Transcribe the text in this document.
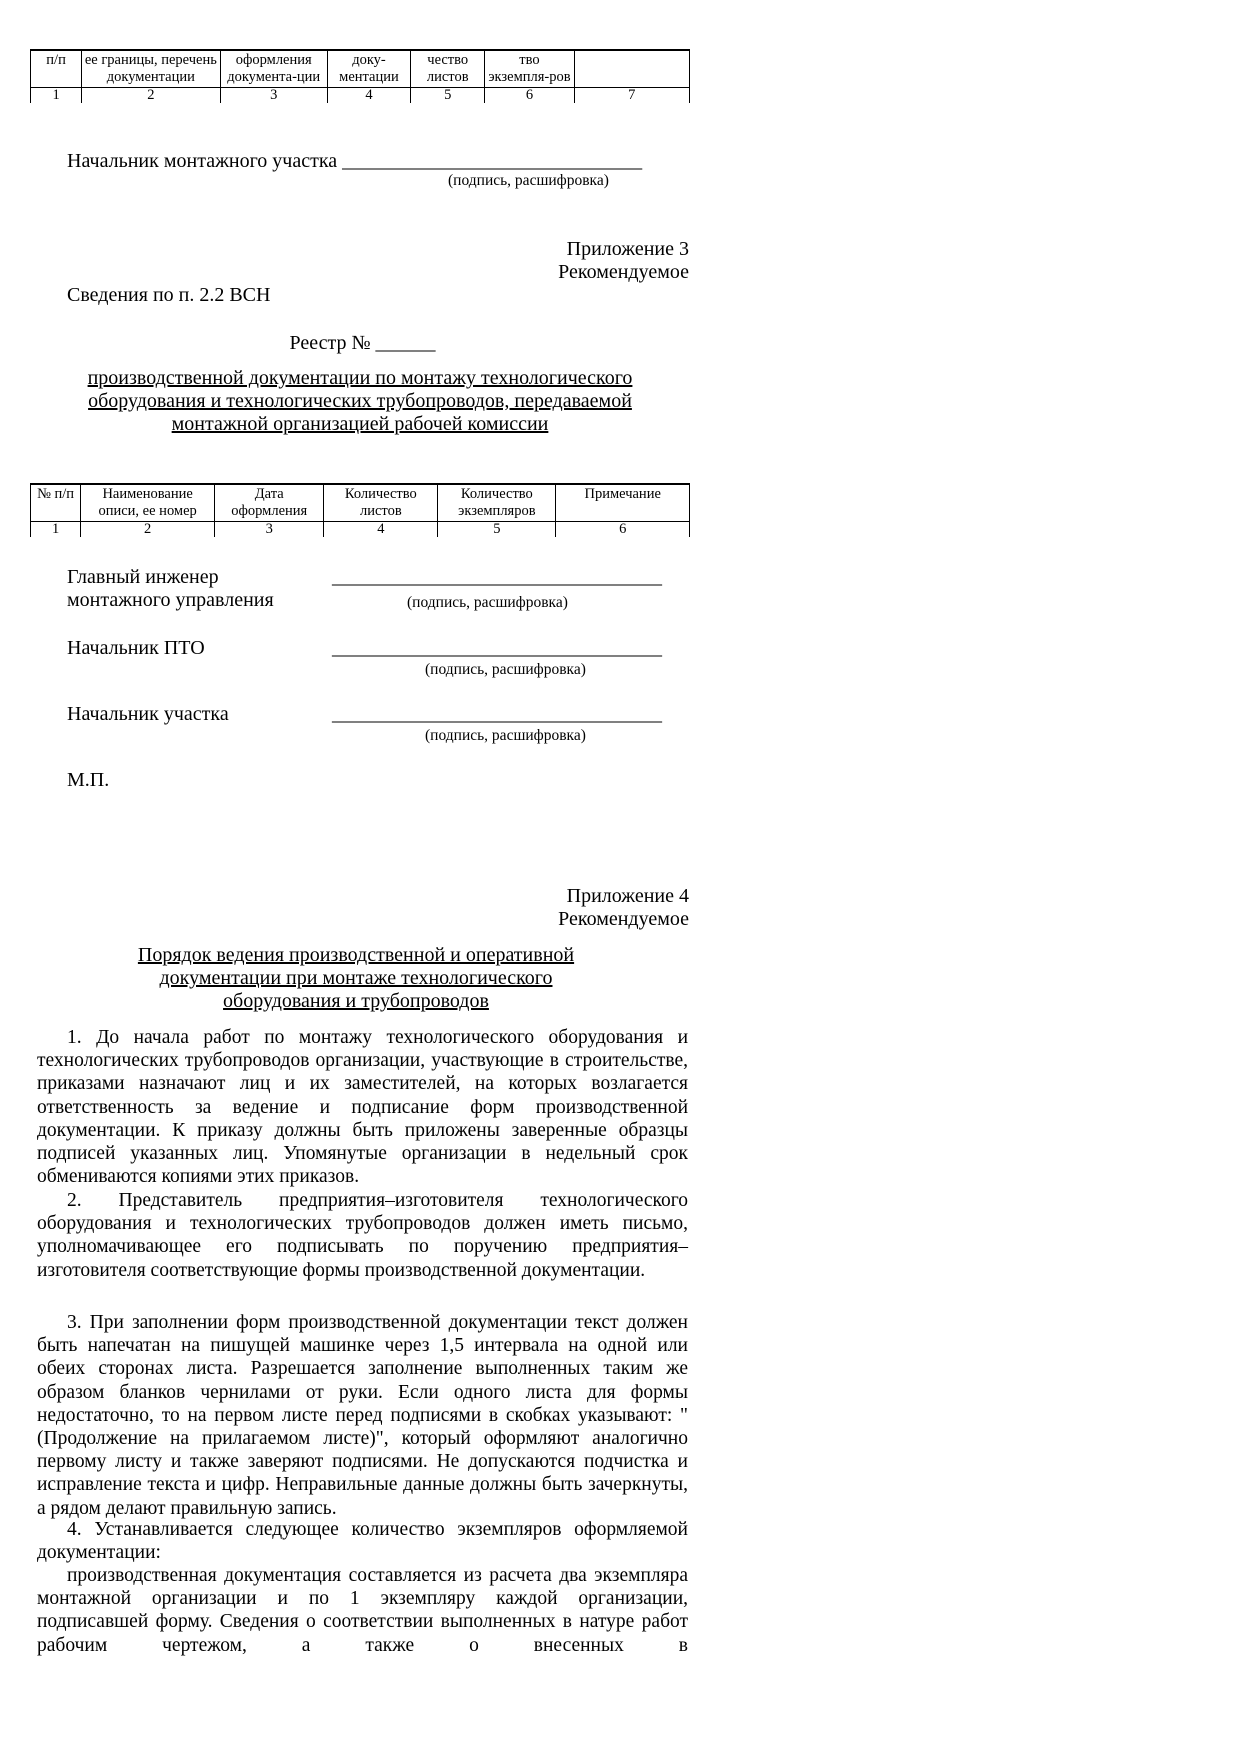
п/п	ее границы, перечень документации	оформления документа-ции	доку-ментации	чество листов	тво экземпля-ров	
1	2	3	4	5	6	7
Начальник монтажного участка ______________________________
(подпись, расшифровка)
Приложение 3
Рекомендуемое
Сведения по п. 2.2 ВСН
Реестр № ______
производственной документации по монтажу технологического оборудования и технологических трубопроводов, передаваемой монтажной организацией рабочей комиссии
№ п/п	Наименование описи, ее номер	Дата оформления	Количество листов	Количество экземпляров	Примечание
1	2	3	4	5	6
Главный инженер монтажного управления
_________________________________
(подпись, расшифровка)
Начальник ПТО	_________________________________
(подпись, расшифровка)
Начальник участка	_________________________________
(подпись, расшифровка)
М.П.
Приложение 4
Рекомендуемое
Порядок ведения производственной и оперативной документации при монтаже технологического оборудования и трубопроводов
1. До начала работ по монтажу технологического оборудования и технологических трубопроводов организации, участвующие в строительстве, приказами назначают лиц и их заместителей, на которых возлагается ответственность за ведение и подписание форм производственной документации. К приказу должны быть приложены заверенные образцы подписей указанных лиц. Упомянутые организации в недельный срок обмениваются копиями этих приказов.
2. Представитель предприятия–изготовителя технологического оборудования и технологических трубопроводов должен иметь письмо, уполномачивающее его подписывать по поручению предприятия–изготовителя соответствующие формы производственной документации.
3. При заполнении форм производственной документации текст должен быть напечатан на пишущей машинке через 1,5 интервала на одной или обеих сторонах листа. Разрешается заполнение выполненных таким же образом бланков чернилами от руки. Если одного листа для формы недостаточно, то на первом листе перед подписями в скобках указывают: "(Продолжение на прилагаемом листе)", который оформляют аналогично первому листу и также заверяют подписями. Не допускаются подчистка и исправление текста и цифр. Неправильные данные должны быть зачеркнуты, а рядом делают правильную запись.
4. Устанавливается следующее количество экземпляров оформляемой документации:
производственная документация составляется из расчета два экземпляра монтажной организации и по 1 экземпляру каждой организации, подписавшей форму. Сведения о соответствии выполненных в натуре работ рабочим чертежом, а также о внесенных в
